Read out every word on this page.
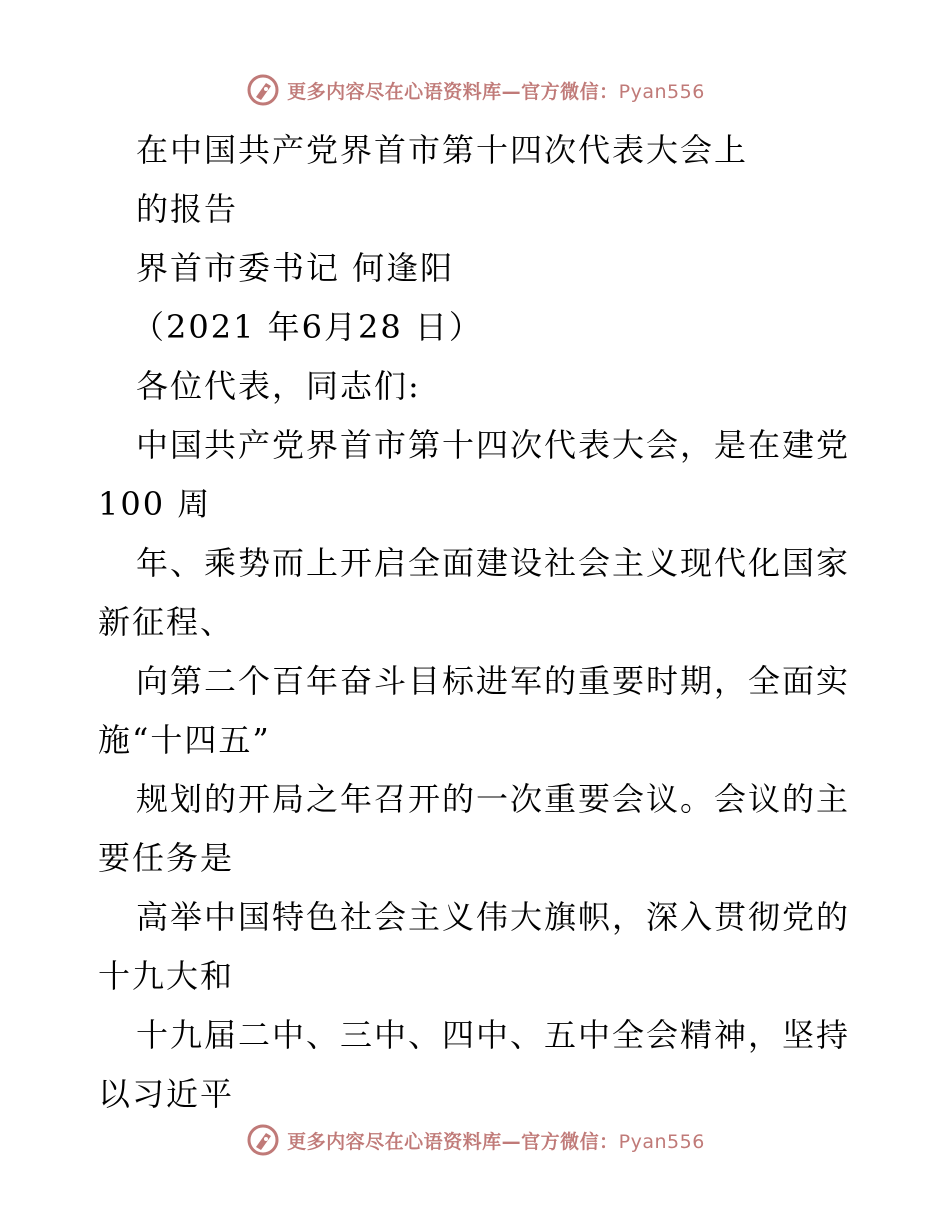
更多内容尽在心语资料库—官方微信：Pyan556
在中国共产党界首市第十四次代表大会上
的报告
界首市委书记 何逢阳
（2021 年6月28 日）
各位代表，同志们:
中国共产党界首市第十四次代表大会，是在建党
100 周
年、乘势而上开启全面建设社会主义现代化国家
新征程、
向第二个百年奋斗目标进军的重要时期，全面实
施“十四五”
规划的开局之年召开的一次重要会议。会议的主
要任务是
高举中国特色社会主义伟大旗帜，深入贯彻党的
十九大和
十九届二中、三中、四中、五中全会精神，坚持
以习近平
更多内容尽在心语资料库—官方微信：Pyan556
